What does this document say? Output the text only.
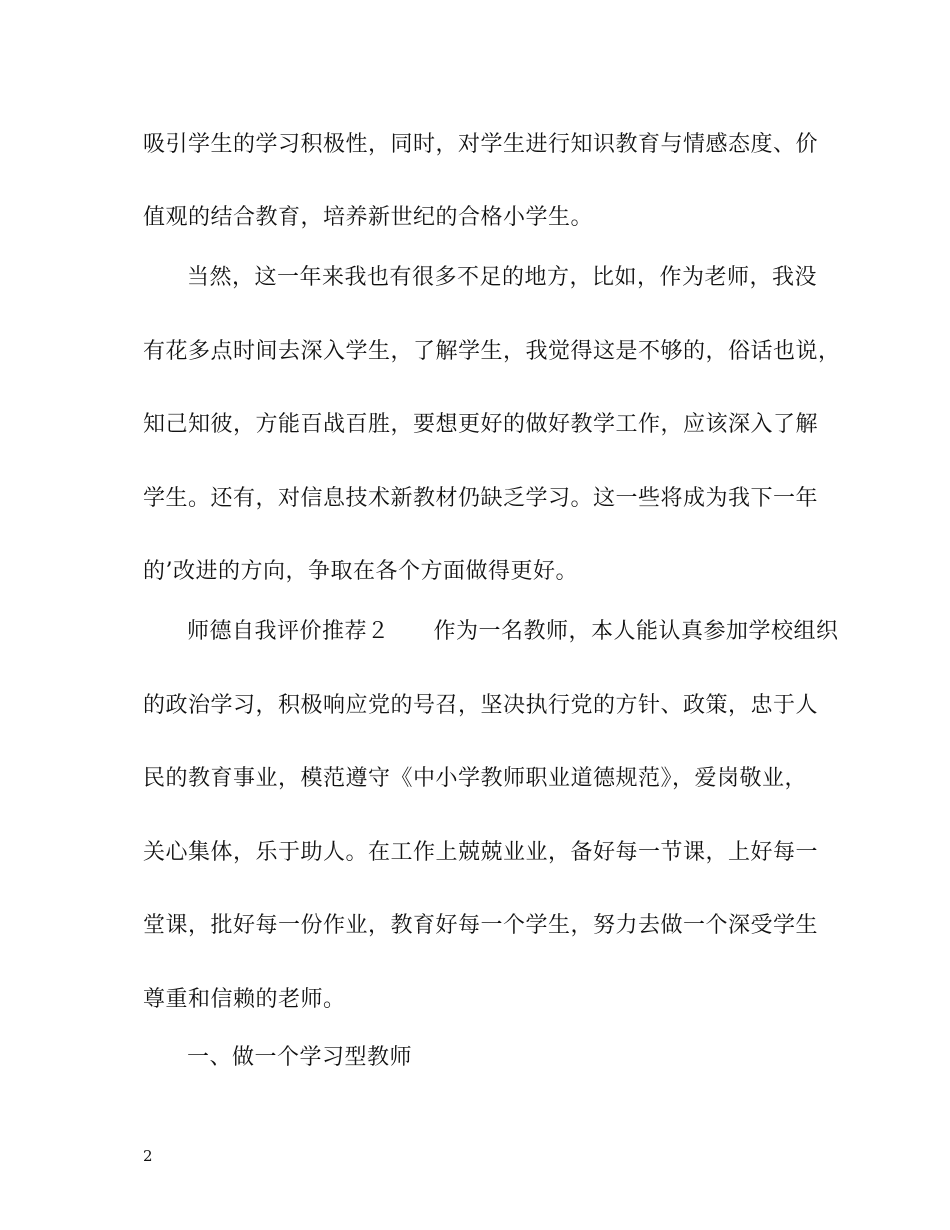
吸引学生的学习积极性，同时，对学生进行知识教育与情感态度、价
值观的结合教育，培养新世纪的合格小学生。
当然，这一年来我也有很多不足的地方，比如，作为老师，我没
有花多点时间去深入学生，了解学生，我觉得这是不够的，俗话也说，
知己知彼，方能百战百胜，要想更好的做好教学工作，应该深入了解
学生。还有，对信息技术新教材仍缺乏学习。这一些将成为我下一年
的’改进的方向，争取在各个方面做得更好。
师德自我评价推荐２ 作为一名教师，本人能认真参加学校组织
的政治学习，积极响应党的号召，坚决执行党的方针、政策，忠于人
民的教育事业，模范遵守《中小学教师职业道德规范》，爱岗敬业，
关心集体，乐于助人。在工作上兢兢业业，备好每一节课，上好每一
堂课，批好每一份作业，教育好每一个学生，努力去做一个深受学生
尊重和信赖的老师。
一、做一个学习型教师
2
